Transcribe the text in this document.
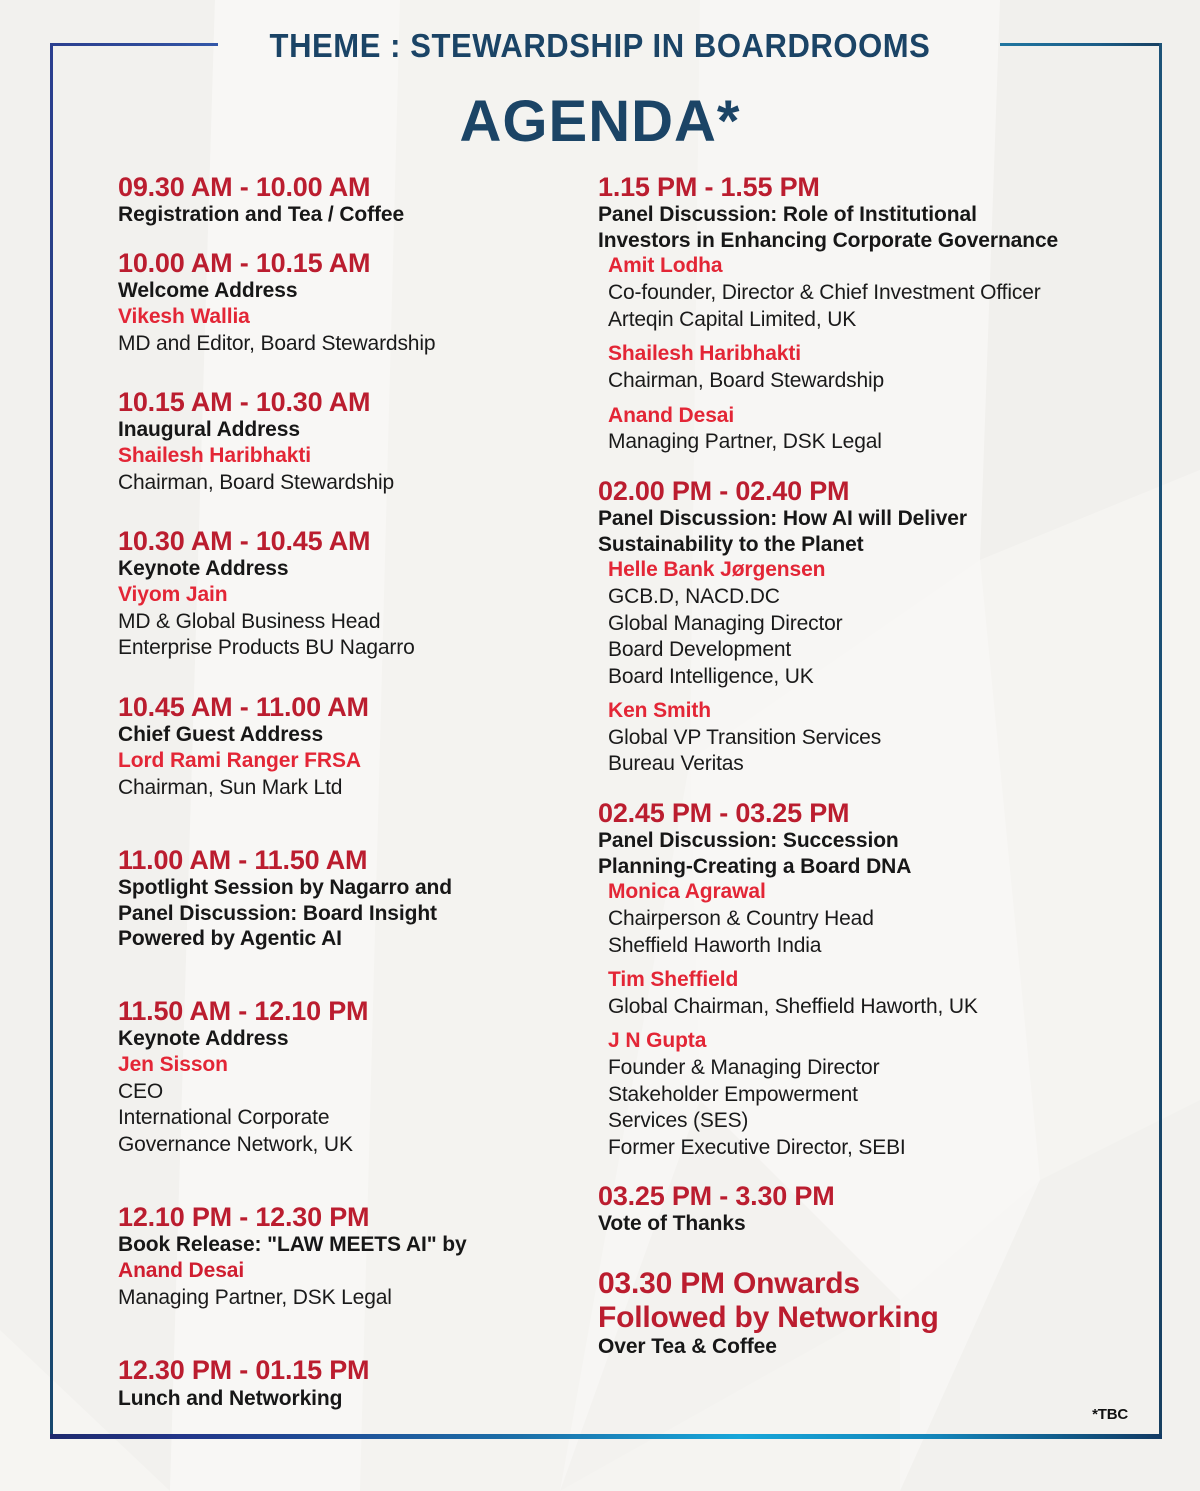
THEME : STEWARDSHIP IN BOARDROOMS
AGENDA*
09.30 AM - 10.00 AM
Registration and Tea / Coffee
10.00 AM - 10.15 AM
Welcome Address
Vikesh Wallia
MD and Editor, Board Stewardship
10.15 AM - 10.30 AM
Inaugural Address
Shailesh Haribhakti
Chairman, Board Stewardship
10.30 AM - 10.45 AM
Keynote Address
Viyom Jain
MD & Global Business Head
Enterprise Products BU Nagarro
10.45 AM - 11.00 AM
Chief Guest Address
Lord Rami Ranger FRSA
Chairman, Sun Mark Ltd
11.00 AM - 11.50 AM
Spotlight Session by Nagarro and
Panel Discussion: Board Insight
Powered by Agentic AI
11.50 AM - 12.10 PM
Keynote Address
Jen Sisson
CEO
International Corporate
Governance Network, UK
12.10 PM - 12.30 PM
Book Release: "LAW MEETS AI" by
Anand Desai
Managing Partner, DSK Legal
12.30 PM - 01.15 PM
Lunch and Networking
1.15 PM - 1.55 PM
Panel Discussion: Role of Institutional
Investors in Enhancing Corporate Governance
Amit Lodha
Co-founder, Director & Chief Investment Officer
Arteqin Capital Limited, UK
Shailesh Haribhakti
Chairman, Board Stewardship
Anand Desai
Managing Partner, DSK Legal
02.00 PM - 02.40 PM
Panel Discussion: How AI will Deliver
Sustainability to the Planet
Helle Bank Jørgensen
GCB.D, NACD.DC
Global Managing Director
Board Development
Board Intelligence, UK
Ken Smith
Global VP Transition Services
Bureau Veritas
02.45 PM - 03.25 PM
Panel Discussion: Succession
Planning-Creating a Board DNA
Monica Agrawal
Chairperson & Country Head
Sheffield Haworth India
Tim Sheffield
Global Chairman, Sheffield Haworth, UK
J N Gupta
Founder & Managing Director
Stakeholder Empowerment
Services (SES)
Former Executive Director, SEBI
03.25 PM - 3.30 PM
Vote of Thanks
03.30 PM Onwards
Followed by Networking
Over Tea & Coffee
*TBC
